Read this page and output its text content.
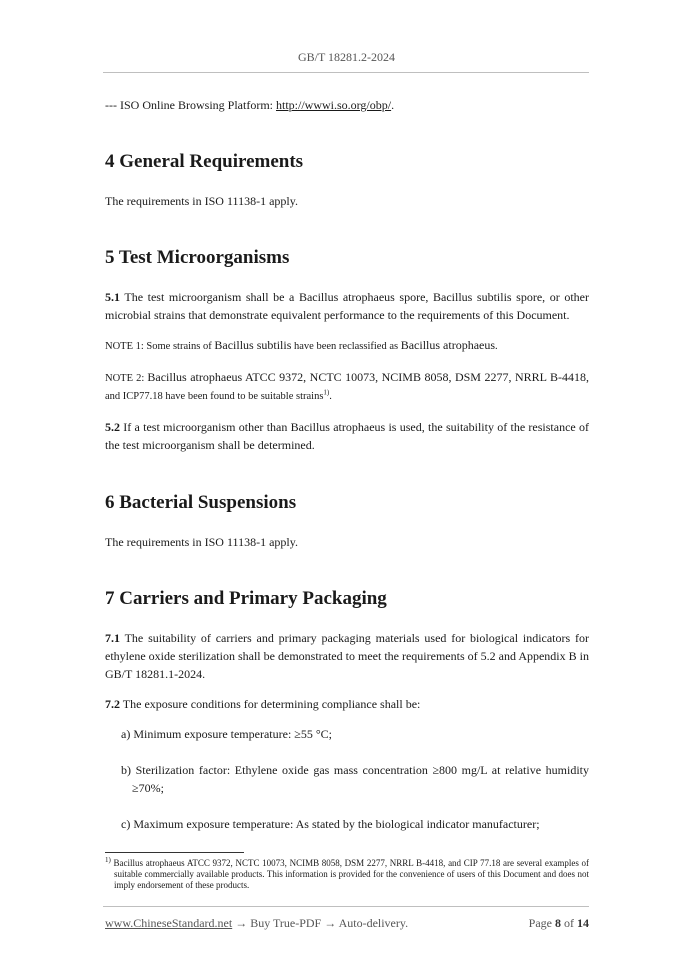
GB/T 18281.2-2024

--- ISO Online Browsing Platform: http://wwwi.so.org/obp/.

4 General Requirements

The requirements in ISO 11138-1 apply.

5 Test Microorganisms

5.1 The test microorganism shall be a Bacillus atrophaeus spore, Bacillus subtilis spore, or other microbial strains that demonstrate equivalent performance to the requirements of this Document.

NOTE 1: Some strains of Bacillus subtilis have been reclassified as Bacillus atrophaeus.

NOTE 2: Bacillus atrophaeus ATCC 9372, NCTC 10073, NCIMB 8058, DSM 2277, NRRL B-4418, and ICP77.18 have been found to be suitable strains$^{1)}$.

5.2 If a test microorganism other than Bacillus atrophaeus is used, the suitability of the resistance of the test microorganism shall be determined.

6 Bacterial Suspensions

The requirements in ISO 11138-1 apply.

7 Carriers and Primary Packaging

7.1 The suitability of carriers and primary packaging materials used for biological indicators for ethylene oxide sterilization shall be demonstrated to meet the requirements of 5.2 and Appendix B in GB/T 18281.1-2024.

7.2 The exposure conditions for determining compliance shall be:

a) Minimum exposure temperature: ≥55 °C;

b) Sterilization factor: Ethylene oxide gas mass concentration ≥800 mg/L at relative humidity ≥70%;

c) Maximum exposure temperature: As stated by the biological indicator manufacturer;

$^{1)}$ Bacillus atrophaeus ATCC 9372, NCTC 10073, NCIMB 8058, DSM 2277, NRRL B-4418, and CIP 77.18 are several examples of suitable commercially available products. This information is provided for the convenience of users of this Document and does not imply endorsement of these products.
www.ChineseStandard.net → Buy True-PDF → Auto-delivery.	Page 8 of 14
